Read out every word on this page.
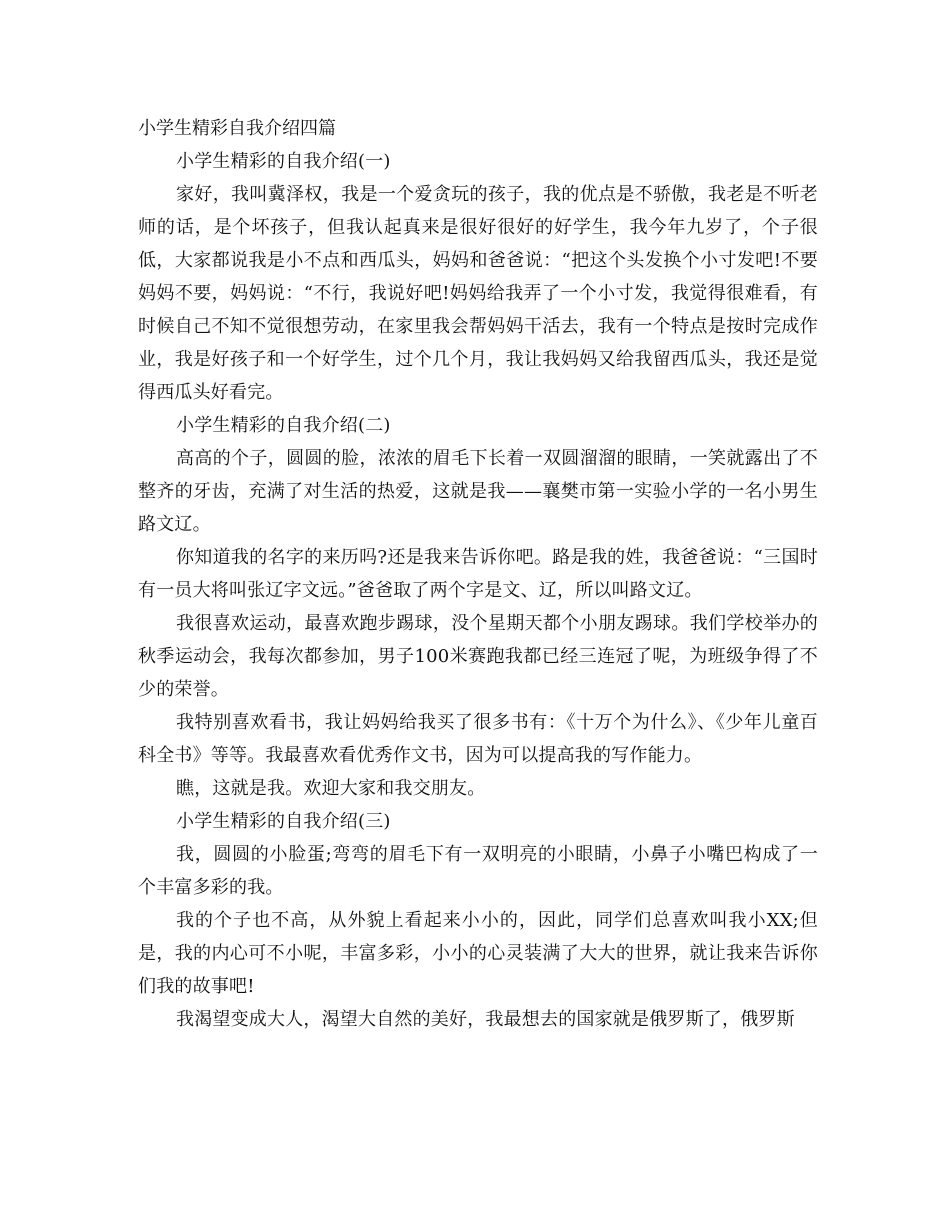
小学生精彩自我介绍四篇

小学生精彩的自我介绍(一)

家好，我叫冀泽权，我是一个爱贪玩的孩子，我的优点是不骄傲，我老是不听老师的话，是个坏孩子，但我认起真来是很好很好的好学生，我今年九岁了，个子很低，大家都说我是小不点和西瓜头，妈妈和爸爸说：“把这个头发换个小寸发吧!不要妈妈不要，妈妈说：“不行，我说好吧!妈妈给我弄了一个小寸发，我觉得很难看，有时候自己不知不觉很想劳动，在家里我会帮妈妈干活去，我有一个特点是按时完成作业，我是好孩子和一个好学生，过个几个月，我让我妈妈又给我留西瓜头，我还是觉得西瓜头好看完。

小学生精彩的自我介绍(二)

高高的个子，圆圆的脸，浓浓的眉毛下长着一双圆溜溜的眼睛，一笑就露出了不整齐的牙齿，充满了对生活的热爱，这就是我——襄樊市第一实验小学的一名小男生路文辽。

你知道我的名字的来历吗?还是我来告诉你吧。路是我的姓，我爸爸说：“三国时有一员大将叫张辽字文远。”爸爸取了两个字是文、辽，所以叫路文辽。

我很喜欢运动，最喜欢跑步踢球，没个星期天都个小朋友踢球。我们学校举办的秋季运动会，我每次都参加，男子100米赛跑我都已经三连冠了呢，为班级争得了不少的荣誉。

我特别喜欢看书，我让妈妈给我买了很多书有：《十万个为什么》、《少年儿童百科全书》等等。我最喜欢看优秀作文书，因为可以提高我的写作能力。

瞧，这就是我。欢迎大家和我交朋友。

小学生精彩的自我介绍(三)

我，圆圆的小脸蛋;弯弯的眉毛下有一双明亮的小眼睛，小鼻子小嘴巴构成了一个丰富多彩的我。

我的个子也不高，从外貌上看起来小小的，因此，同学们总喜欢叫我小XX;但是，我的内心可不小呢，丰富多彩，小小的心灵装满了大大的世界，就让我来告诉你们我的故事吧!

我渴望变成大人，渴望大自然的美好，我最想去的国家就是俄罗斯了，俄罗斯
